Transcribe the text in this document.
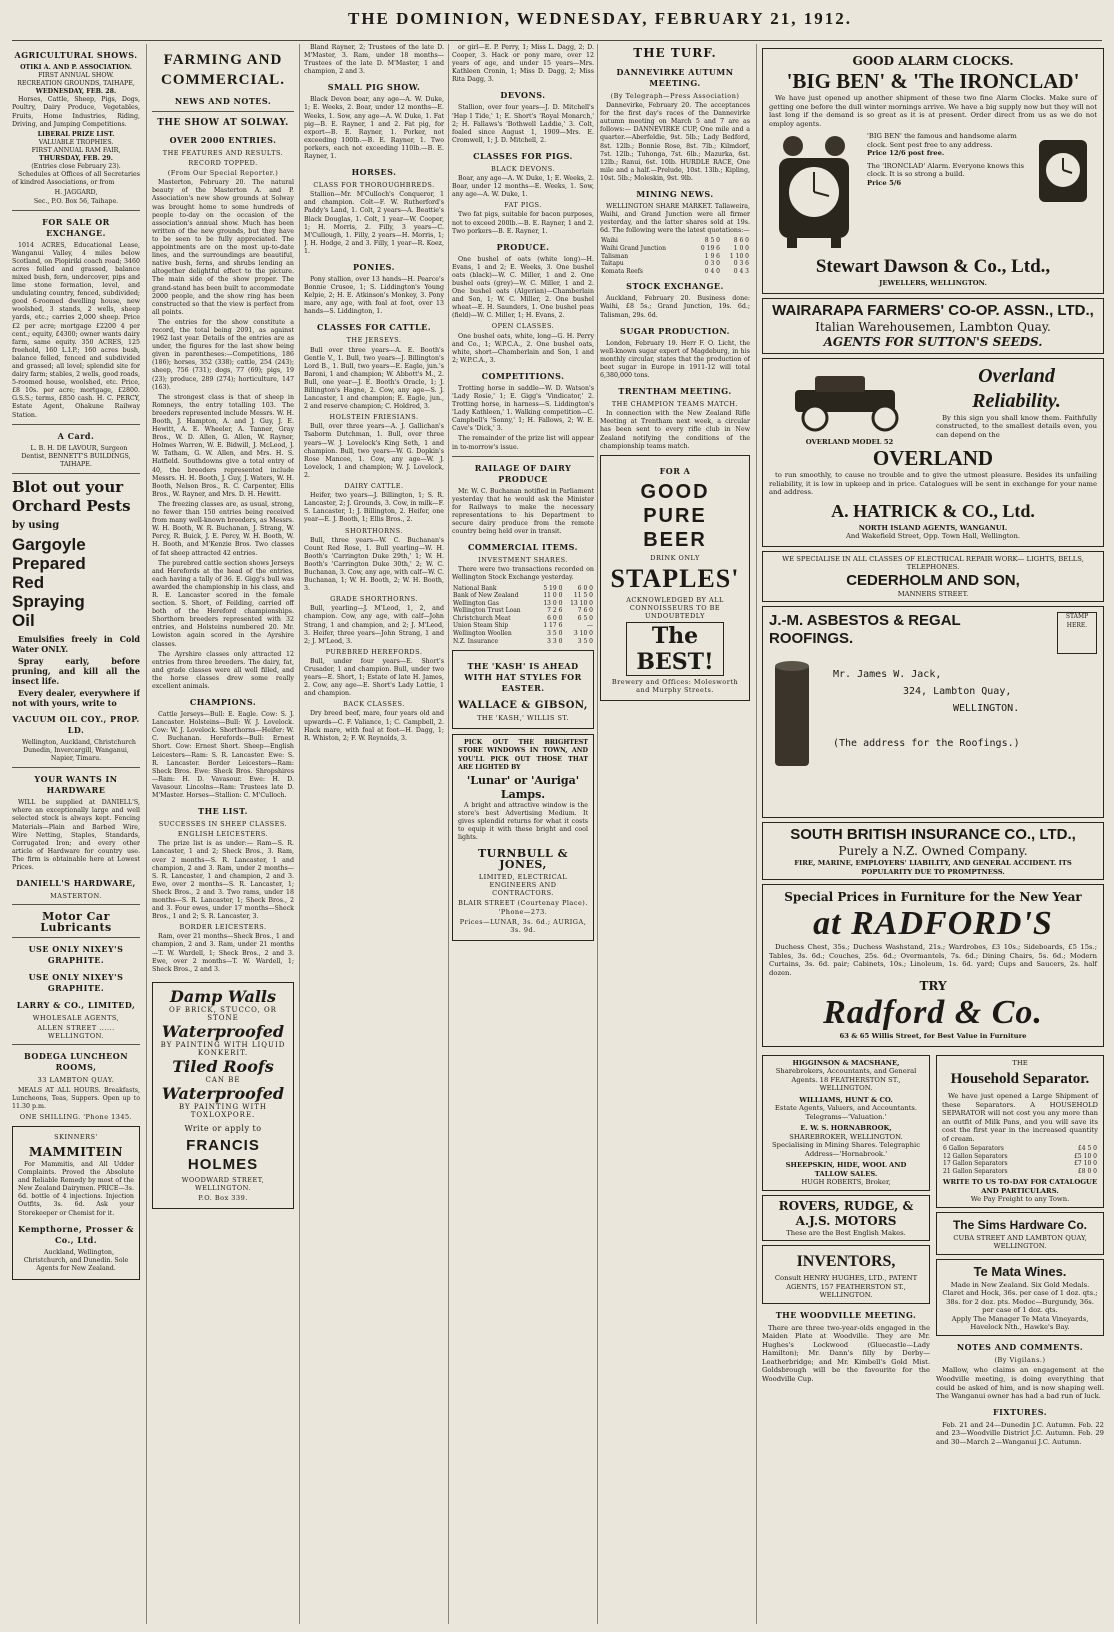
THE DOMINION, WEDNESDAY, FEBRUARY 21, 1912.
AGRICULTURAL SHOWS.
OTIKI A. AND P. ASSOCIATION.
FIRST ANNUAL SHOW.
RECREATION GROUNDS, TAIHAPE,
WEDNESDAY, FEB. 28.

Horses, Cattle, Sheep, Pigs, Dogs, Poultry, Dairy Produce, Vegetables, Fruits, Home Industries, Riding, Driving, and Jumping Competitions.

LIBERAL PRIZE LIST.
VALUABLE TROPHIES.
FIRST ANNUAL RAM FAIR,
THURSDAY, FEB. 29.
(Entries close February 23).

Schedules at Offices of all Secretaries of kindred Associations, or from

H. JAGGARD,
Sec., P.O. Box 56, Taihape.
FOR SALE OR EXCHANGE.

1014 ACRES, Educational Lease, Wanganui Valley, 4 miles below Scotland, on Piopiriki coach road; 3460 acres felled and grassed, balance mixed bush, fern, undercover, pips and lime stone formation, level, and undulating country, fenced, subdivided; good 6-roomed dwelling house, new woolshed, 3 stands, 2 wells, sheep yards, etc.; carries 2,000 sheep. Price £2 per acre; mortgage £2200 4 per cent.; equity, £4300; owner wants dairy farm, same equity. 350 ACRES, 125 freehold, 160 L.I.P.; 160 acres bush, balance felled, fenced and subdivided and grassed; all level; splendid site for dairy farm; stables, 2 wells, good roads, 5-roomed house, woolshed, etc. Price, £8 10s. per acre; mortgage, £2800. G.S.S.; terms, £850 cash. H. C. PERCY, Estate Agent, Ohakune Railway Station.

A Card.

L. B. H. DE LAVOUR, Surgeon Dentist, BENNETT'S BUILDINGS, TAIHAPE.

Blot out your
Orchard Pests
by using
Gargoyle
Prepared
Red
Spraying
Oil

Emulsifies freely in Cold Water ONLY.

Spray early, before pruning, and kill all the insect life.

Every dealer, everywhere if not with yours, write to

VACUUM OIL COY., PROP. LD.

Wellington, Auckland, Christchurch Dunedin, Invercargill, Wanganui, Napier, Timaru.

YOUR WANTS IN HARDWARE

WILL be supplied at DANIELL'S, where an exceptionally large and well selected stock is always kept. Fencing Materials—Plain and Barbed Wire, Wire Netting, Staples, Standards, Corrugated Iron; and every other article of Hardware for country use. The firm is obtainable here at Lowest Prices.

DANIELL'S HARDWARE,
MASTERTON.
Motor Car Lubricants
USE ONLY NIXEY'S GRAPHITE.
USE ONLY NIXEY'S GRAPHITE.
LARRY & CO., LIMITED,
WHOLESALE AGENTS,
ALLEN STREET ...... WELLINGTON.
BODEGA LUNCHEON ROOMS,
33 LAMBTON QUAY.

MEALS AT ALL HOURS. Breakfasts, Luncheons, Teas, Suppers. Open up to 11.30 p.m.

ONE SHILLING. 'Phone 1345.
SKINNERS'
MAMMITEIN

For Mammitis, and All Udder Complaints. Proved the Absolute and Reliable Remedy by most of the New Zealand Dairymen. PRICE—3s. 6d. bottle of 4 injections. Injection Outfits, 3s. 6d. Ask your Storekeeper or Chemist for it.

Kempthorne, Prosser & Co., Ltd.

Auckland, Wellington, Christchurch, and Dunedin. Sole Agents for New Zealand.

FARMING AND COMMERCIAL.
NEWS AND NOTES.
THE SHOW AT SOLWAY.
OVER 2000 ENTRIES.
THE FEATURES AND RESULTS.
RECORD TOPPED.
(From Our Special Reporter.)

Masterton, February 20. The natural beauty of the Masterton A. and P. Association's new show grounds at Solway was brought home to some hundreds of people to-day on the occasion of the association's annual show. Much has been written of the new grounds, but they have to be seen to be fully appreciated. The appointments are on the most up-to-date lines, and the surroundings are beautiful, native bush, ferns, and shrubs lending an altogether delightful effect to the picture. The main side of the show proper. The grand-stand has been built to accommodate 2000 people, and the show ring has been constructed so that the view is perfect from all points.

The entries for the show constitute a record, the total being 2091, as against 1962 last year. Details of the entries are as under, the figures for the last show being given in parentheses:—Competitions, 186 (186); horses, 352 (338); cattle, 254 (243); sheep, 756 (731); dogs, 77 (69); pigs, 19 (23); produce, 289 (274); horticulture, 147 (163).

The strongest class is that of sheep in Romneys, the entry totalling 103. The breeders represented include Messrs. W. H. Booth, J. Hampton, A. and J. Guy, J. E. Hewitt, A. E. Wheeler, A. Tanner, Gray Bros., W. D. Allen, G. Allen, W. Rayner, Holmes Warren, W. E. Bidwill, J. McLeod, J. W. Tatham, G. W. Allen, and Mrs. H. S. Hatfield. Southdowns give a total entry of 40, the breeders represented include Messrs. H. H. Booth, J. Guy, J. Waters, W. H. Booth, Nelson Bros., R. C. Carpenter, Ellis Bros., W. Rayner, and Mrs. D. H. Hewitt.

The freezing classes are, as usual, strong, no fewer than 150 entries being received from many well-known breeders, as Messrs. W. H. Booth, W. R. Buchanan, J. Strang, W. Percy, R. Buick, J. E. Percy, W. H. Booth, W. H. Booth, and M'Kenzie Bros. Two classes of fat sheep attracted 42 entries.

The purebred cattle section shows Jerseys and Herefords at the head of the entries, each having a tally of 36. E. Gigg's bull was awarded the championship in his class, and R. E. Lancaster scored in the female section. S. Short, of Feilding, carried off both of the Hereford championships. Shorthorn breeders represented with 32 entries, and Holsteins numbered 20. Mr. Lowiston again scored in the Ayrshire classes.

The Ayrshire classes only attracted 12 entries from three breeders. The dairy, fat, and grade classes were all well filled, and the horse classes drew some really excellent animals.

CHAMPIONS.

Cattle Jerseys—Bull: E. Eagle. Cow: S. J. Lancaster. Holsteins—Bull: W. J. Lovelock. Cow: W. J. Lovelock. Shorthorns—Heifer: W. C. Buchanan. Herefords—Bull: Ernest Short. Cow: Ernest Short. Sheep—English Leicesters—Ram: S. R. Lancaster. Ewe: S. R. Lancaster. Border Leicesters—Ram: Sheck Bros. Ewe: Sheck Bros. Shropshires—Ram: H. D. Vavasour. Ewe: H. D. Vavasour. Lincolns—Ram: Trustees late D. M'Master. Horses—Stallion: C. M'Culloch.

THE LIST.
SUCCESSES IN SHEEP CLASSES.
ENGLISH LEICESTERS.

The prize list is as under:— Ram—S. R. Lancaster, 1 and 2; Sheck Bros., 3. Ram, over 2 months—S. R. Lancaster, 1 and champion, 2 and 3. Ram, under 2 months—S. R. Lancaster, 1 and champion, 2 and 3. Ewe, over 2 months—S. R. Lancaster, 1; Sheck Bros., 2 and 3. Two rams, under 18 months—S. R. Lancaster, 1; Sheck Bros., 2 and 3. Four ewes, under 17 months—Sheck Bros., 1 and 2; S. R. Lancaster, 3.

BORDER LEICESTERS.

Ram, over 21 months—Sheck Bros., 1 and champion, 2 and 3. Ram, under 21 months—T. W. Wardell, 1; Sheck Bros., 2 and 3. Ewe, over 2 months—T. W. Wardell, 1; Sheck Bros., 2 and 3.

Damp Walls
OF BRICK, STUCCO, OR STONE
Waterproofed
BY PAINTING WITH LIQUID KONKERIT.
Tiled Roofs
CAN BE
Waterproofed
BY PAINTING WITH TOXLOXPORE.
Write or apply to
FRANCIS HOLMES
WOODWARD STREET, WELLINGTON.
P.O. Box 339.

Bland Rayner, 2; Trustees of the late D. M'Master, 3. Ram, under 18 months—Trustees of the late D. M'Master, 1 and champion, 2 and 3.

SMALL PIG SHOW.

Black Devon boar, any age—A. W. Duke, 1; E. Weeks, 2. Boar, under 12 months—E. Weeks, 1. Sow, any age—A. W. Duke, 1. Fat pig—B. E. Rayner, 1 and 2. Fat pig, for export—B. E. Rayner, 1. Porker, not exceeding 100lb.—B. E. Rayner, 1. Two porkers, each not exceeding 110lb.—B. E. Rayner, 1.

HORSES.
CLASS FOR THOROUGHBREDS.

Stallion—Mr. M'Culloch's Conqueror, 1 and champion. Colt—F. W. Rutherford's Paddy's Land, 1. Colt, 2 years—A. Beattie's Black Douglas, 1. Colt, 1 year—W. Cooper, 1; H. Morris, 2. Filly, 3 years—C. M'Cullough, 1. Filly, 2 years—H. Morris, 1; J. H. Hodge, 2 and 3. Filly, 1 year—R. Koez, 1.

PONIES.

Pony stallion, over 13 hands—H. Pearce's Bonnie Crusoe, 1; S. Liddington's Young Kelpie, 2; H. E. Atkinson's Monkey, 3. Pony mare, any age, with foal at foot, over 13 hands—S. Liddington, 1.

CLASSES FOR CATTLE.
THE JERSEYS.

Bull over three years—A. E. Booth's Gentle V., 1. Bull, two years—J. Billington's Lord B., 1. Bull, two years—E. Eagle, jun.'s Baroni, 1 and champion; W. Abbott's M., 2. Bull, one year—J. E. Booth's Oracle, 1; J. Billington's Hagne, 2. Cow, any age—S. J. Lancaster, 1 and champion; E. Eagle, jun., 2 and reserve champion; C. Holdred, 3.

HOLSTEIN FRIESIANS.

Bull, over three years—A. J. Gallichan's Tsaborm Dutchman, 1. Bull, over three years—W. J. Lovelock's King Seth, 1 and champion. Bull, two years—W. G. Dopkin's Rose Mancee, 1. Cow, any age—W. J. Lovelock, 1 and champion; W. J. Lovelock, 2.

DAIRY CATTLE.

Heifer, two years—J. Billington, 1; S. R. Lancaster, 2; J. Grounds, 3. Cow, in milk—F. S. Lancaster, 1; J. Billington, 2. Heifer, one year—E. J. Booth, 1; Ellis Bros., 2.

SHORTHORNS.

Bull, three years—W. C. Buchanan's Count Red Rose, 1. Bull yearling—W. H. Booth's 'Carrington Duke 29th,' 1; W. H. Booth's 'Carrington Duke 30th,' 2; W. C. Buchanan, 3. Cow, any age, with calf—W. C. Buchanan, 1; W. H. Booth, 2; W. H. Booth, 3.

GRADE SHORTHORNS.

Bull, yearling—J. M'Leod, 1, 2, and champion. Cow, any age, with calf—John Strang, 1 and champion, and 2; J. M'Leod, 3. Heifer, three years—John Strang, 1 and 2; J. M'Leod, 3.

PUREBRED HEREFORDS.

Bull, under four years—E. Short's Crusader, 1 and champion. Bull, under two years—E. Short, 1; Estate of late H. James, 2. Cow, any age—E. Short's Lady Lottie, 1 and champion.

BACK CLASSES.

Dry breed beef, mare, four years old and upwards—C. F. Valiance, 1; C. Campbell, 2. Hack mare, with foal at foot—H. Dagg, 1; R. Whiston, 2; F. W. Reynolds, 3.

or girl—E. P. Perry, 1; Miss L. Dagg, 2; D. Cooper, 3. Hack or pony mare, over 12 years of age, and under 15 years—Mrs. Kathleen Cronin, 1; Miss D. Dagg, 2; Miss Rita Dagg, 3.

DEVONS.

Stallion, over four years—J. D. Mitchell's 'Hap I Tide,' 1; E. Short's 'Royal Monarch,' 2; H. Fallaws's 'Bothwell Laddie,' 3. Colt, foaled since August 1, 1909—Mrs. E. Cromwell, 1; J. D. Mitchell, 2.

CLASSES FOR PIGS.
BLACK DEVONS.

Boar, any age—A. W. Duke, 1; E. Weeks, 2. Boar, under 12 months—E. Weeks, 1. Sow, any age—A. W. Duke, 1.

FAT PIGS.

Two fat pigs, suitable for bacon purposes, not to exceed 200lb.—B. E. Rayner, 1 and 2. Two porkers—B. E. Rayner, 1.

PRODUCE.

One bushel of oats (white long)—H. Evans, 1 and 2; E. Weeks, 3. One bushel oats (black)—W. C. Miller, 1 and 2. One bushel oats (grey)—W. C. Miller, 1 and 2. One bushel oats (Algerian)—Chamberlain and Son, 1; W. C. Miller, 2. One bushel wheat—E. H. Saunders, 1. One bushel peas (field)—W. C. Miller, 1; H. Evans, 2.

OPEN CLASSES.

One bushel oats, white, long—G. H. Perry and Co., 1; W.P.C.A., 2. One bushel oats, white, short—Chamberlain and Son, 1 and 2; W.P.C.A., 3.

COMPETITIONS.

Trotting horse in saddle—W. D. Watson's 'Lady Rosie,' 1; E. Gigg's 'Vindicator,' 2. Trotting horse, in harness—S. Liddington's 'Lady Kathleen,' 1. Walking competition—C. Campbell's 'Sonny,' 1; H. Fallows, 2; W. E. Cave's 'Dick,' 3.

The remainder of the prize list will appear in to-morrow's issue.

RAILAGE OF DAIRY PRODUCE

Mr. W. C. Buchanan notified in Parliament yesterday that he would ask the Minister for Railways to make the necessary representations to his Department to secure dairy produce from the remote country being held over in transit.

COMMERCIAL ITEMS.
INVESTMENT SHARES.

There were two transactions recorded on Wellington Stock Exchange yesterday.

National Bank	5 19 0	6 0 0
Bank of New Zealand	11 0 0	11 5 0
Wellington Gas	13 0 0	13 10 0
Wellington Trust Loan	7 2 6	7 6 0
Christchurch Meat	6 0 0	6 5 0
Union Steam Ship	1 17 6	—
Wellington Woollen	3 5 0	3 10 0
N.Z. Insurance	3 3 0	3 5 0
THE 'KASH' IS AHEAD WITH HAT STYLES FOR EASTER.
WALLACE & GIBSON,
THE 'KASH,' WILLIS ST.

PICK OUT THE BRIGHTEST STORE WINDOWS IN TOWN, AND YOU'LL PICK OUT THOSE THAT ARE LIGHTED BY

'Lunar' or 'Auriga'
Lamps.

A bright and attractive window is the store's best Advertising Medium. It gives splendid returns for what it costs to equip it with these bright and cool lights.

TURNBULL & JONES,
LIMITED, ELECTRICAL ENGINEERS AND CONTRACTORS.
BLAIR STREET (Courtenay Place). 'Phone—273.
Prices—LUNAR, 3s. 6d.; AURIGA, 3s. 9d.
THE TURF.
DANNEVIRKE AUTUMN MEETING.
(By Telegraph—Press Association)

Dannevirke, February 20. The acceptances for the first day's races of the Dannevirke autumn meeting on March 5 and 7 are as follows:— DANNEVIRKE CUP, One mile and a quarter.—Aberfeldie, 9st. 5lb.; Lady Bedford, 8st. 12lb.; Bonnie Rose, 8st. 7lb.; Kilmdorf, 7st. 12lb.; Tuhonga, 7st. 6lb.; Mazurka, 6st. 12lb.; Ranui, 6st. 10lb. HURDLE RACE, One mile and a half.—Prelude, 10st. 13lb.; Kipling, 10st. 5lb.; Moleskin, 9st. 9lb.

MINING NEWS.

WELLINGTON SHARE MARKET. Tallaweira, Waihi, and Grand Junction were all firmer yesterday, and the latter shares sold at 19s. 6d. The following were the latest quotations:—

Waihi	8 5 0	8 6 0
Waihi Grand Junction	0 19 6	1 0 0
Talisman	1 9 6	1 10 0
Taitapu	0 3 0	0 3 6
Komata Reefs	0 4 0	0 4 3
STOCK EXCHANGE.

Auckland, February 20. Business done: Waihi, £8 5s.; Grand Junction, 19s. 6d.; Talisman, 29s. 6d.

SUGAR PRODUCTION.

London, February 19. Herr F. O. Licht, the well-known sugar expert of Magdeburg, in his monthly circular, states that the production of beet sugar in Europe in 1911-12 will total 6,380,000 tons.

TRENTHAM MEETING.
THE CHAMPION TEAMS MATCH.

In connection with the New Zealand Rifle Meeting at Trentham next week, a circular has been sent to every rifle club in New Zealand notifying the conditions of the championship teams match.

FOR A
GOOD
PURE
BEER
DRINK ONLY
STAPLES'
ACKNOWLEDGED BY ALL CONNOISSEURS TO BE UNDOUBTEDLY
The BEST!
Brewery and Offices: Molesworth and Murphy Streets.
GOOD ALARM CLOCKS.
'BIG BEN' & 'The IRONCLAD'

We have just opened up another shipment of these two fine Alarm Clocks. Make sure of getting one before the dull winter mornings arrive. We have a big supply now but they will not last long if the demand is so great as it is at present. Order direct from us as we do not employ agents.

'BIG BEN' the famous and handsome alarm clock. Sent post free to any address.
Price 12/6 post free.
The 'IRONCLAD' Alarm. Everyone knows this clock. It is so strong a build.
Price 5/6
Stewart Dawson & Co., Ltd.,
JEWELLERS, WELLINGTON.
WAIRARAPA FARMERS' CO-OP. ASSN., LTD.,
Italian Warehousemen, Lambton Quay.
AGENTS FOR SUTTON'S SEEDS.
OVERLAND MODEL 52
Overland Reliability.

By this sign you shall know them. Faithfully constructed, to the smallest details even, you can depend on the

OVERLAND

to run smoothly, to cause no trouble and to give the utmost pleasure. Besides its unfailing reliability, it is low in upkeep and in price. Catalogues will be sent in exchange for your name and address.

A. HATRICK & CO., Ltd.
NORTH ISLAND AGENTS, WANGANUI.
And Wakefield Street, Opp. Town Hall, Wellington.
WE SPECIALISE IN ALL CLASSES OF ELECTRICAL REPAIR WORK— LIGHTS, BELLS, TELEPHONES.
CEDERHOLM AND SON,
MANNERS STREET.
J.-M. ASBESTOS & REGAL ROOFINGS.
STAMP HERE.
Mr. James W. Jack,
324, Lambton Quay,
WELLINGTON.
(The address for the Roofings.)
SOUTH BRITISH INSURANCE CO., LTD.,
Purely a N.Z. Owned Company.
FIRE, MARINE, EMPLOYERS' LIABILITY, AND GENERAL ACCIDENT. ITS POPULARITY DUE TO PROMPTNESS.
Special Prices in Furniture for the New Year
at RADFORD'S

Duchess Chest, 35s.; Duchess Washstand, 21s.; Wardrobes, £3 10s.; Sideboards, £5 15s.; Tables, 3s. 6d.; Couches, 25s. 6d.; Overmantels, 7s. 6d.; Dining Chairs, 5s. 6d.; Modern Curtains, 3s. 6d. pair; Cabinets, 10s.; Linoleum, 1s. 6d. yard; Cups and Saucers, 2s. half dozen.

TRY
Radford & Co.
63 & 65 Willis Street, for Best Value in Furniture
HIGGINSON & MACSHANE,
Sharebrokers, Accountants, and General Agents. 18 FEATHERSTON ST., WELLINGTON.
WILLIAMS, HUNT & CO.
Estate Agents, Valuers, and Accountants. Telegrams—'Valuation.'
E. W. S. HORNABROOK,
SHAREBROKER, WELLINGTON. Specialising in Mining Shares. Telegraphic Address—'Hornabrook.'
SHEEPSKIN, HIDE, WOOL AND TALLOW SALES.
HUGH ROBERTS, Broker,
ROVERS, RUDGE, & A.J.S. MOTORS
These are the Best English Makes.
INVENTORS,
Consult HENRY HUGHES, LTD., PATENT AGENTS, 157 FEATHERSTON ST., WELLINGTON.
THE WOODVILLE MEETING.

There are three two-year-olds engaged in the Maiden Plate at Woodville. They are Mr. Hughes's Lockwood (Gluecastle—Lady Hamilton); Mr. Dann's filly by Derby—Leatherbridge; and Mr. Kimbell's Gold Mist. Goldsbrough will be the favourite for the Woodville Cup.

THE
Household Separator.

We have just opened a Large Shipment of these Separators. A HOUSEHOLD SEPARATOR will not cost you any more than an outfit of Milk Pans, and you will save its cost the first year in the increased quantity of cream.

6 Gallon Separators	£4 5 0
12 Gallon Separators	£5 10 0
17 Gallon Separators	£7 10 0
21 Gallon Separators	£8 0 0
WRITE TO US TO-DAY FOR CATALOGUE AND PARTICULARS.
We Pay Freight to any Town.
The Sims Hardware Co.
CUBA STREET AND LAMBTON QUAY, WELLINGTON.
Te Mata Wines.
Made in New Zealand. Six Gold Medals. Claret and Hock, 36s. per case of 1 doz. qts.; 38s. for 2 doz. pts. Medoc—Burgundy, 36s. per case of 1 doz. qts.
Apply The Manager Te Mata Vineyards, Havelock Nth., Hawke's Bay.
NOTES AND COMMENTS.
(By Vigilans.)

Mallow, who claims an engagement at the Woodville meeting, is doing everything that could be asked of him, and is now shaping well. The Wanganui owner has had a bad run of luck.

FIXTURES.

Feb. 21 and 24—Dunedin J.C. Autumn. Feb. 22 and 23—Woodville District J.C. Autumn. Feb. 29 and 30—March 2—Wanganui J.C. Autumn.
